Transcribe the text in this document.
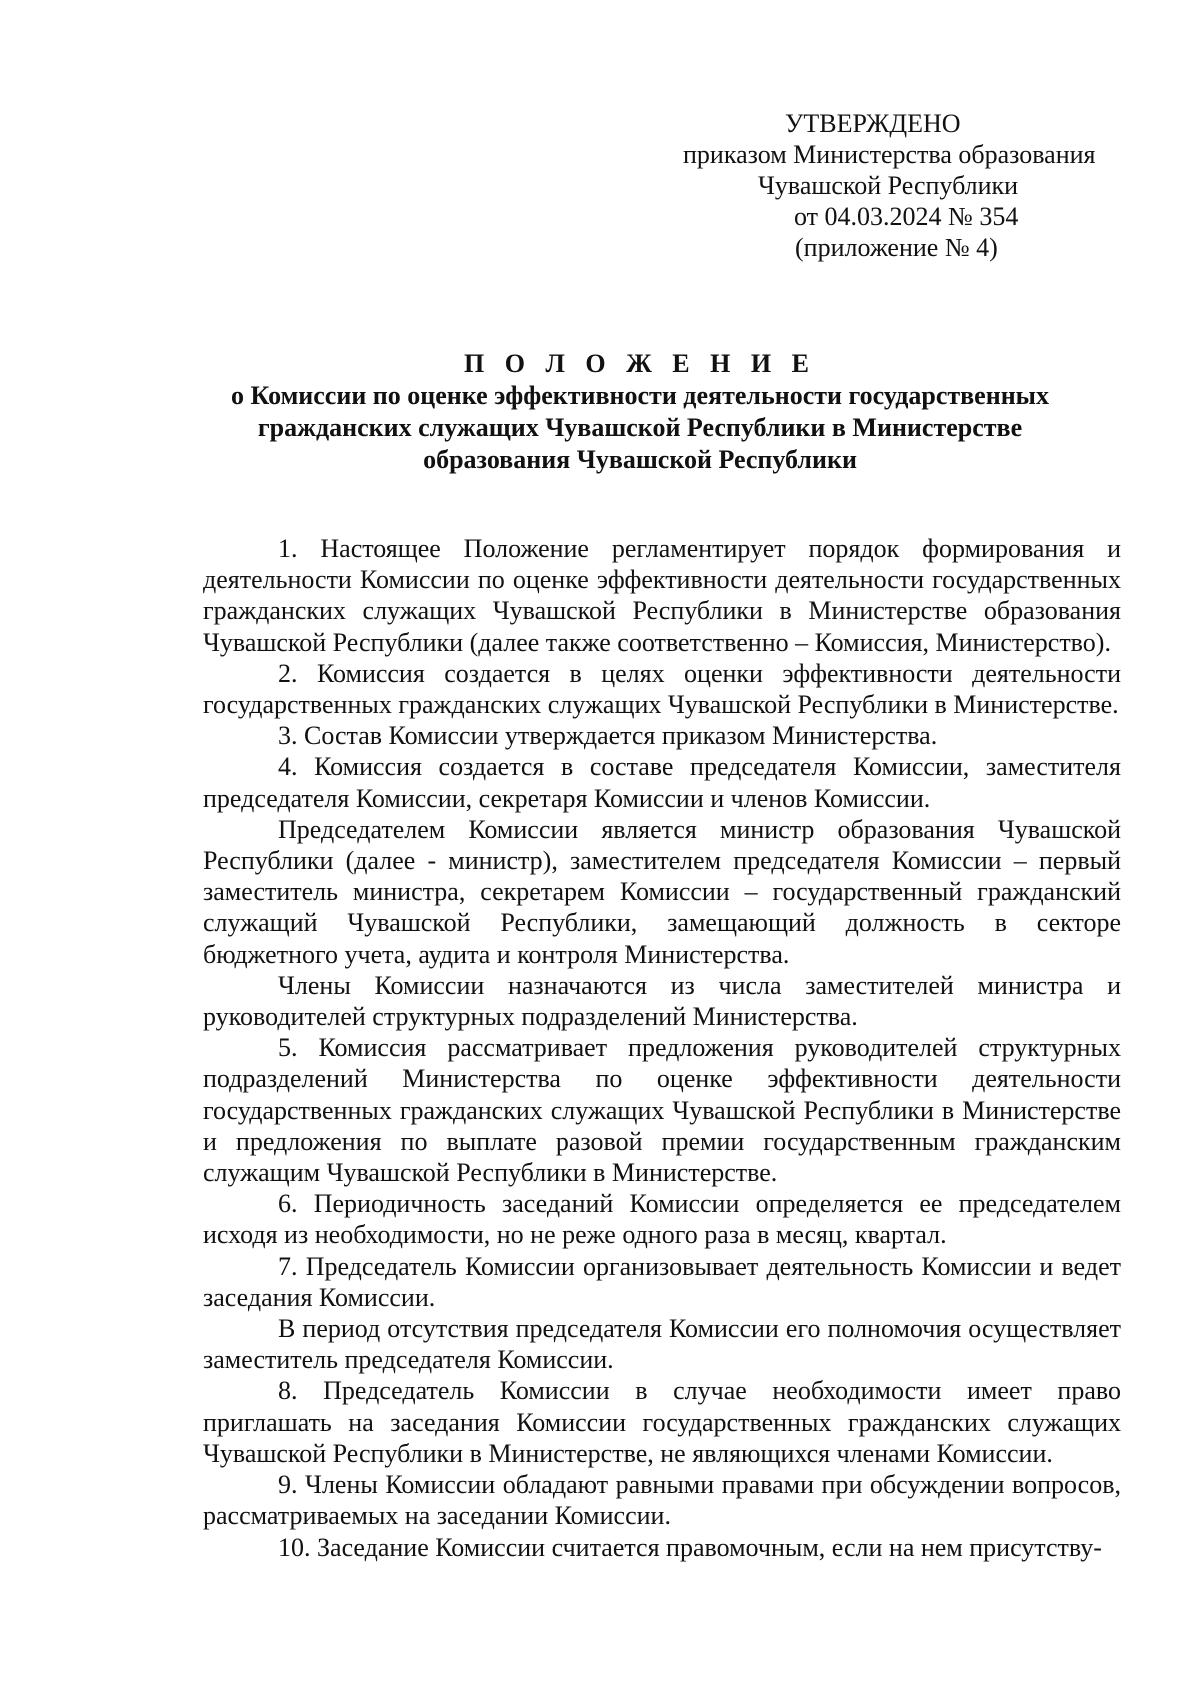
УТВЕРЖДЕНО
приказом Министерства образования
Чувашской Республики
от 04.03.2024 № 354
(приложение № 4)
П О Л О Ж Е Н И Е
о Комиссии по оценке эффективности деятельности государственных гражданских служащих Чувашской Республики в Министерстве образования Чувашской Республики

1. Настоящее Положение регламентирует порядок формирования и деятельности Комиссии по оценке эффективности деятельности государственных гражданских служащих Чувашской Республики в Министерстве образования Чувашской Республики (далее также соответственно – Комиссия, Министерство).

2. Комиссия создается в целях оценки эффективности деятельности государственных гражданских служащих Чувашской Республики в Министерстве.

3. Состав Комиссии утверждается приказом Министерства.

4. Комиссия создается в составе председателя Комиссии, заместителя председателя Комиссии, секретаря Комиссии и членов Комиссии.

Председателем Комиссии является министр образования Чувашской Республики (далее - министр), заместителем председателя Комиссии – первый заместитель министра, секретарем Комиссии – государственный гражданский служащий Чувашской Республики, замещающий должность в секторе бюджетного учета, аудита и контроля Министерства.

Члены Комиссии назначаются из числа заместителей министра и руководителей структурных подразделений Министерства.

5. Комиссия рассматривает предложения руководителей структурных подразделений Министерства по оценке эффективности деятельности государственных гражданских служащих Чувашской Республики в Министерстве и предложения по выплате разовой премии государственным гражданским служащим Чувашской Республики в Министерстве.

6. Периодичность заседаний Комиссии определяется ее председателем исходя из необходимости, но не реже одного раза в месяц, квартал.

7. Председатель Комиссии организовывает деятельность Комиссии и ведет заседания Комиссии.

В период отсутствия председателя Комиссии его полномочия осуществляет заместитель председателя Комиссии.

8. Председатель Комиссии в случае необходимости имеет право приглашать на заседания Комиссии государственных гражданских служащих Чувашской Республики в Министерстве, не являющихся членами Комиссии.

9. Члены Комиссии обладают равными правами при обсуждении вопросов, рассматриваемых на заседании Комиссии.

10. Заседание Комиссии считается правомочным, если на нем присутству-
